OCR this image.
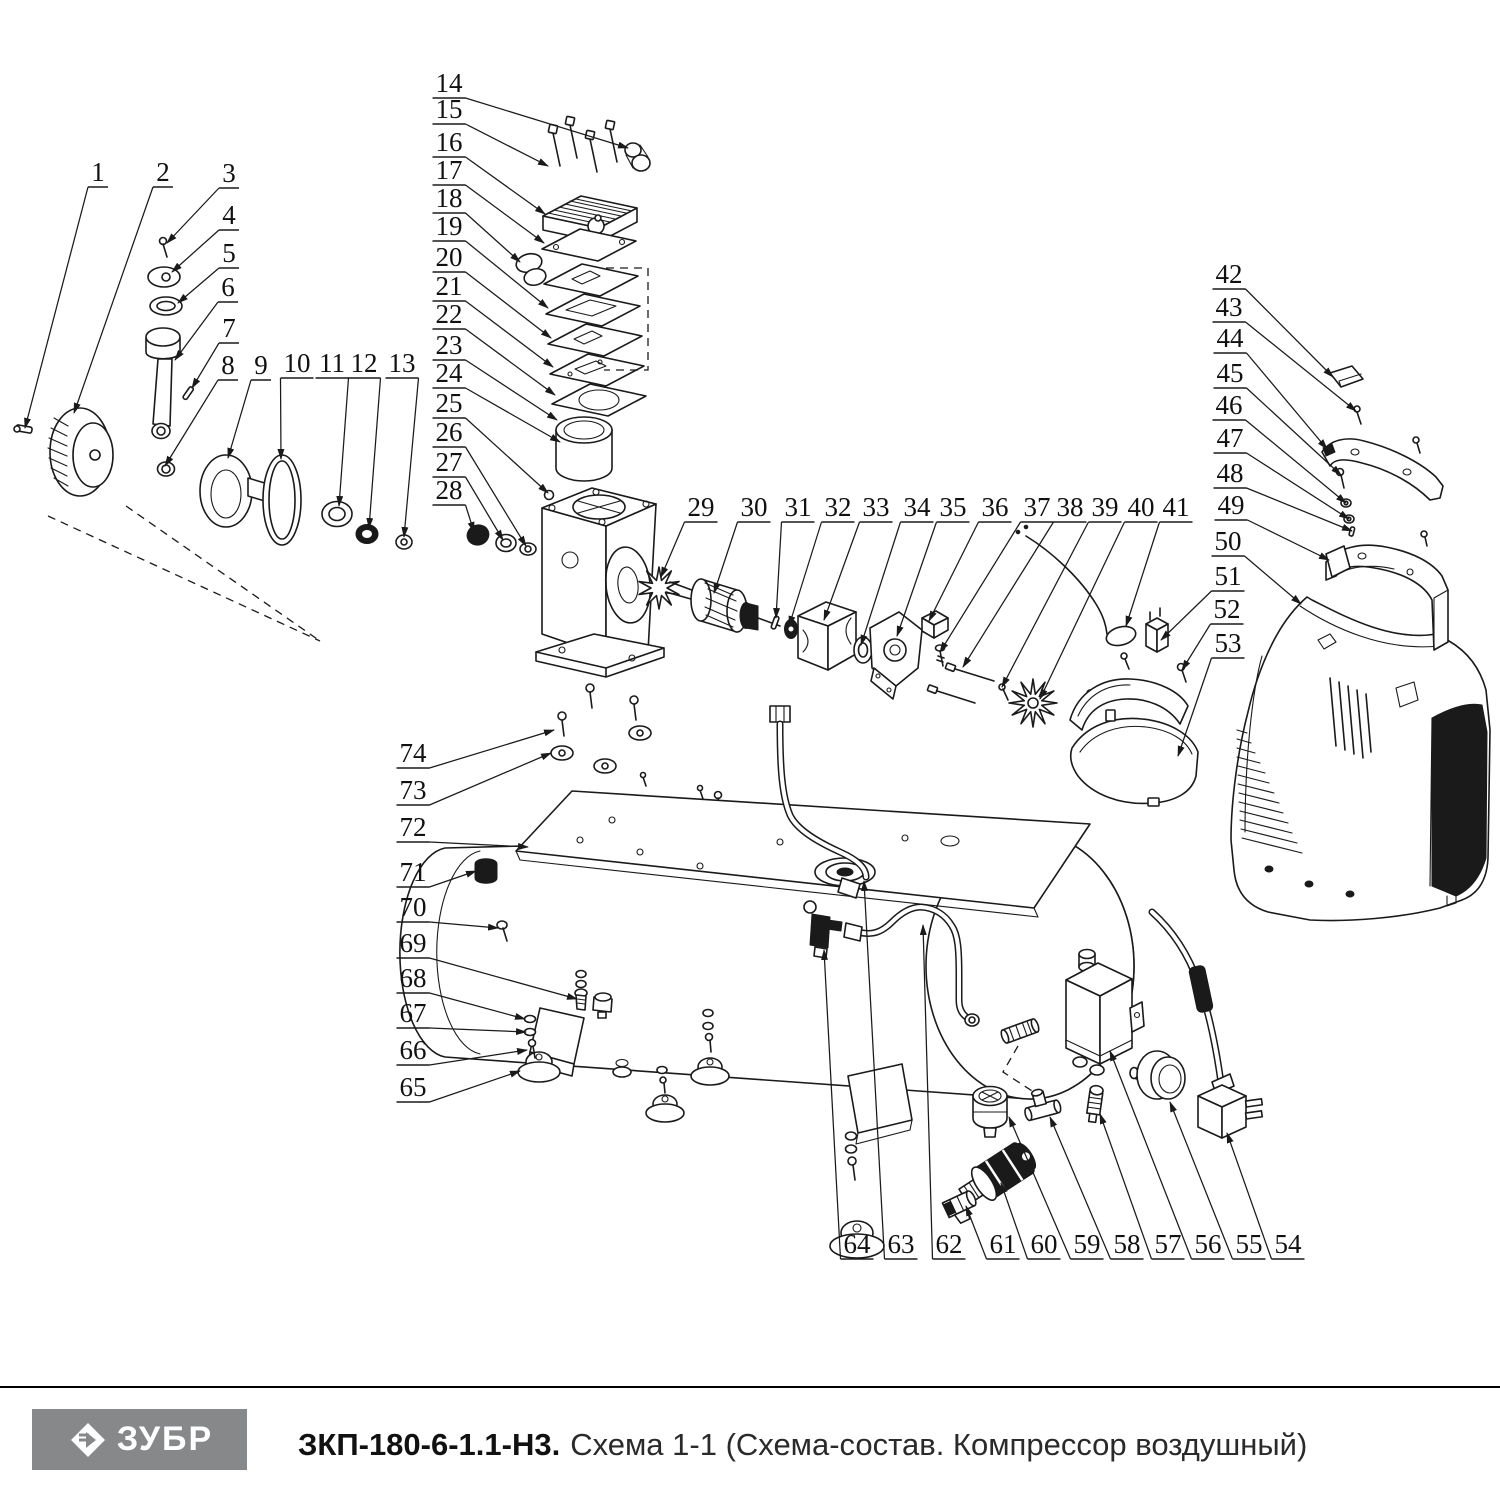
1 2 3
4
5
6
7
8 9 10 11 12 13
14
15
16
17
18
19
20
21
22
23
24
25
26
27
28
29 30 31 32 33 34 35 36 37 38 39 40 41
42
43
44
45
46
47
48
49
50
51
52
53
54
55
56
57
58
59
60
61
62
63
64
65
66
67
68
69
70
71
72
73
74
ЗУБР	ЗКП-180-6-1.1-Н3. Схема 1-1 (Схема-состав. Компрессор воздушный)
